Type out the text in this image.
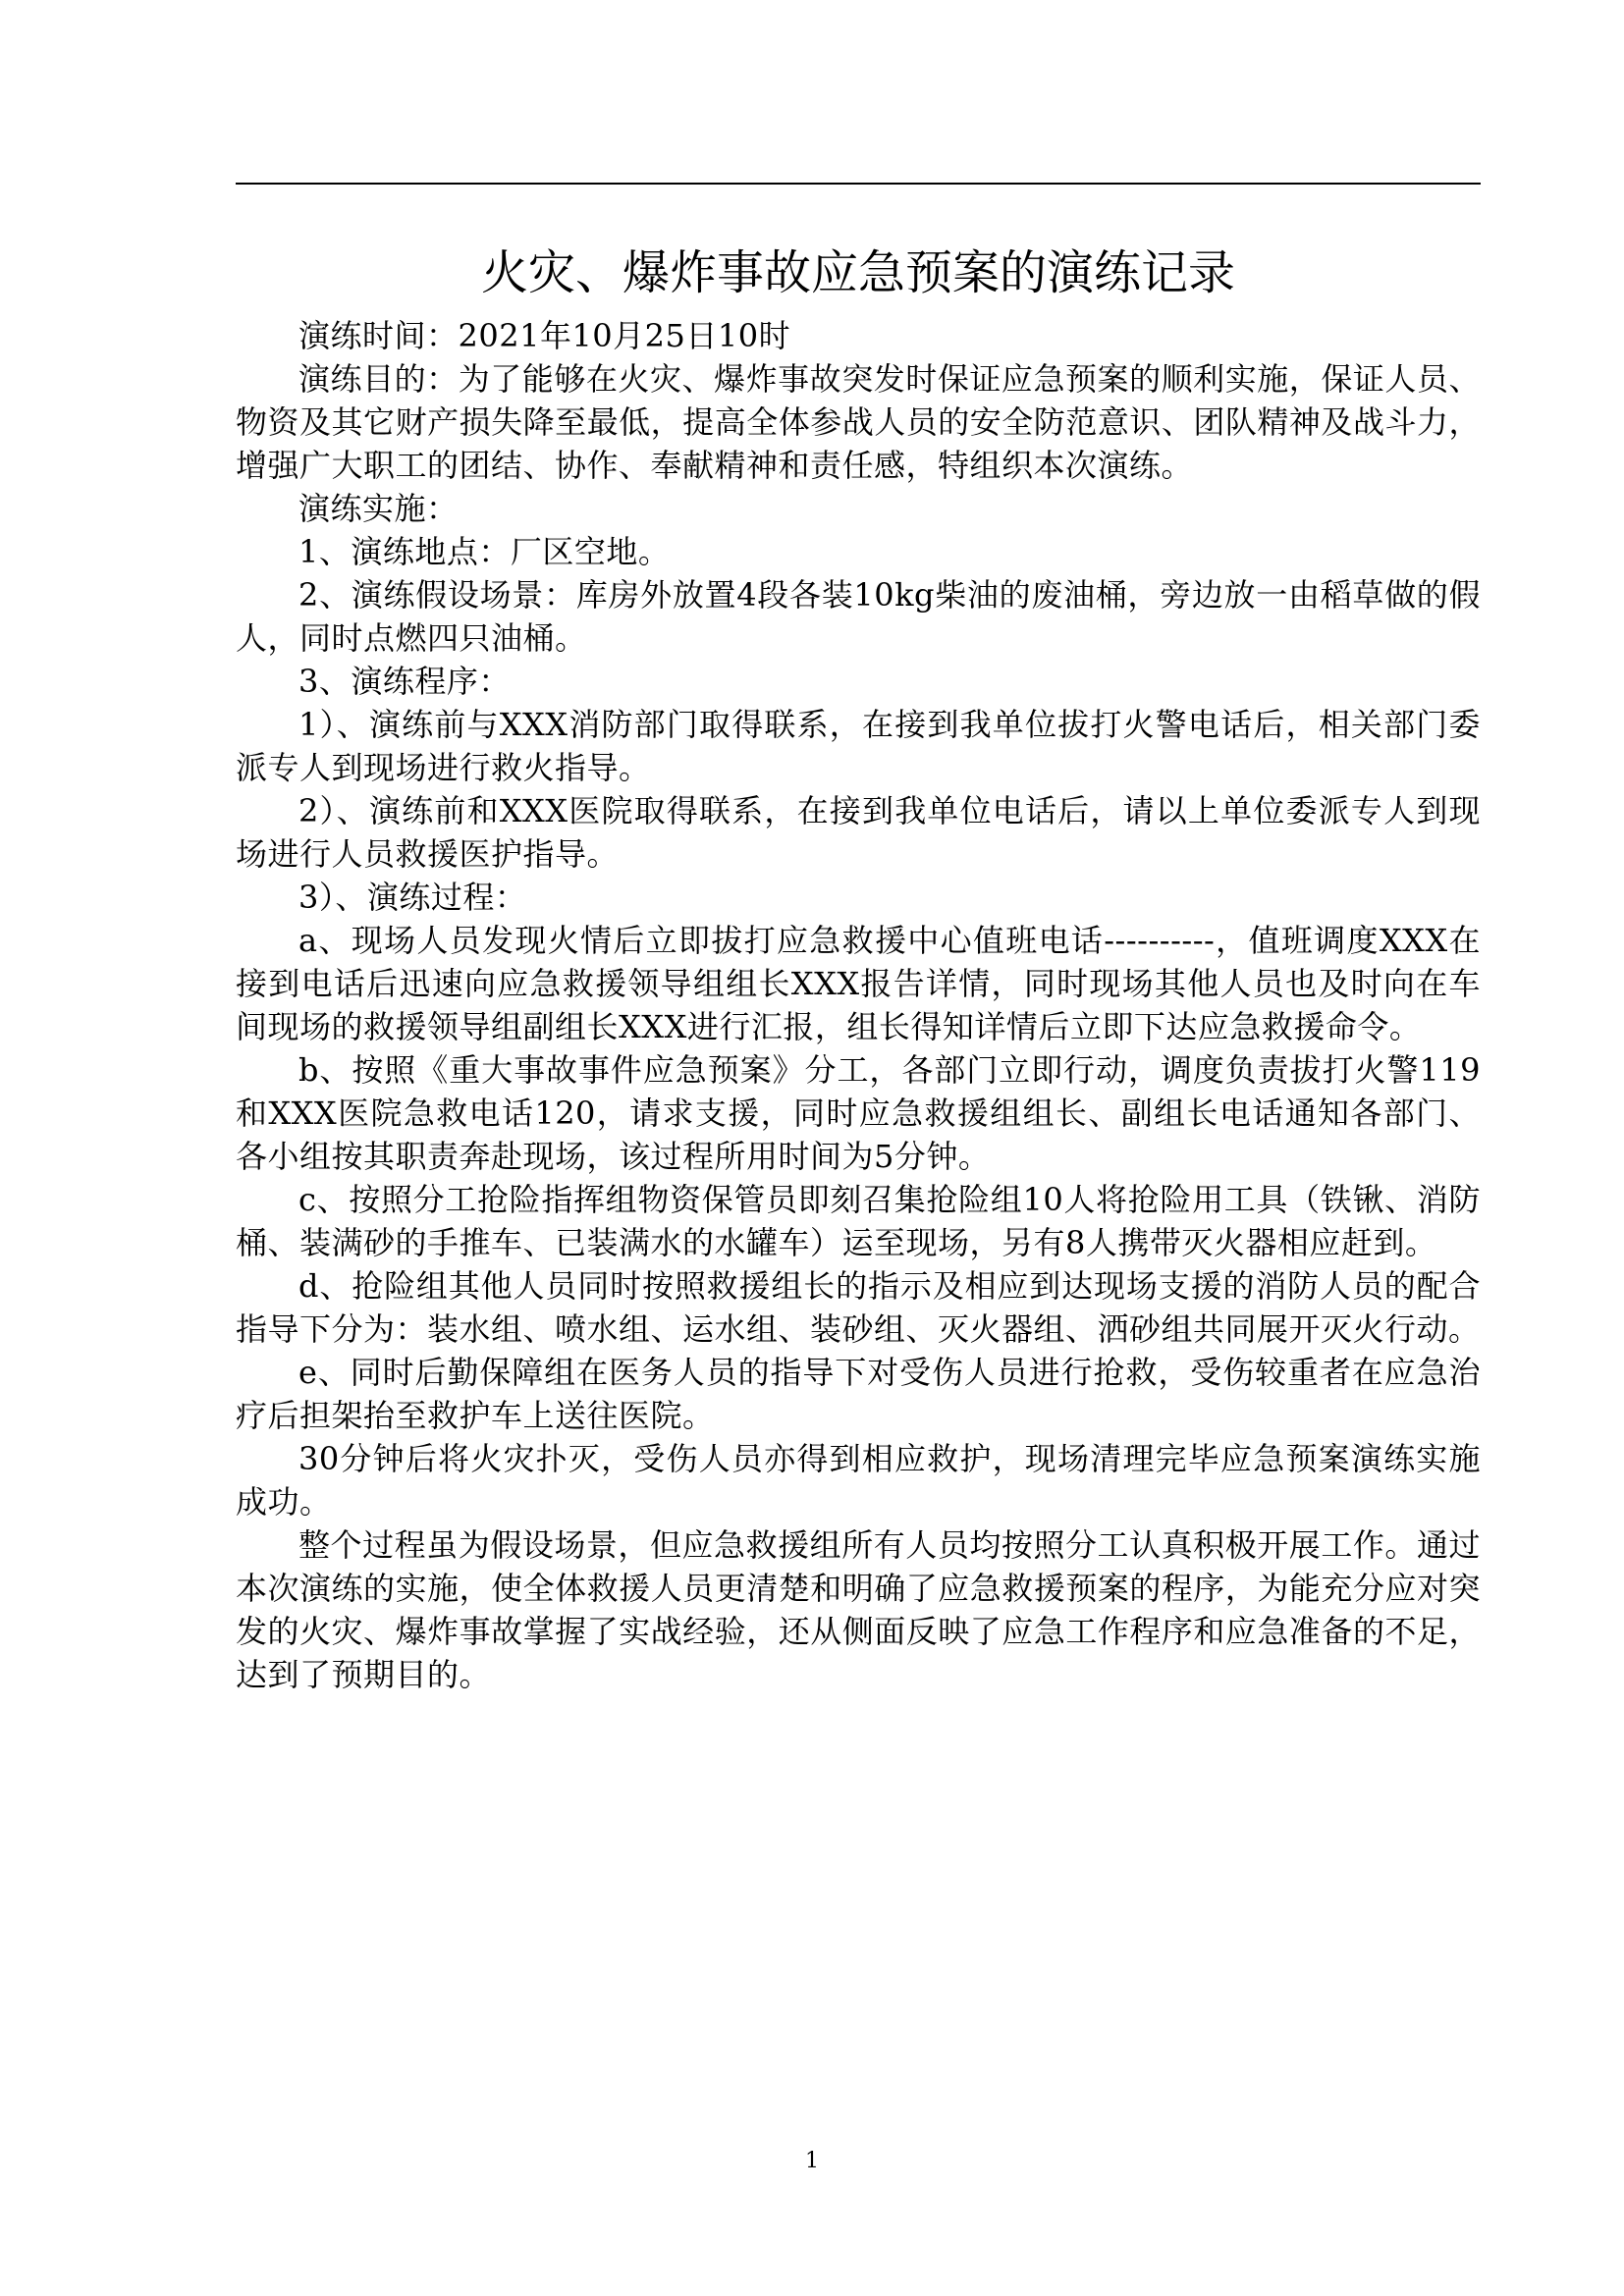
火灾、爆炸事故应急预案的演练记录

演练时间：2021年10月25日10时

演练目的：为了能够在火灾、爆炸事故突发时保证应急预案的顺利实施，保证人员、物资及其它财产损失降至最低，提高全体参战人员的安全防范意识、团队精神及战斗力，增强广大职工的团结、协作、奉献精神和责任感，特组织本次演练。

演练实施：

1、演练地点：厂区空地。

2、演练假设场景：库房外放置4段各装10kg柴油的废油桶，旁边放一由稻草做的假人，同时点燃四只油桶。

3、演练程序：

1）、演练前与XXX消防部门取得联系，在接到我单位拔打火警电话后，相关部门委派专人到现场进行救火指导。

2）、演练前和XXX医院取得联系，在接到我单位电话后，请以上单位委派专人到现场进行人员救援医护指导。

3）、演练过程：

a、现场人员发现火情后立即拔打应急救援中心值班电话----------，值班调度XXX在接到电话后迅速向应急救援领导组组长XXX报告详情，同时现场其他人员也及时向在车间现场的救援领导组副组长XXX进行汇报，组长得知详情后立即下达应急救援命令。

b、按照《重大事故事件应急预案》分工，各部门立即行动，调度负责拔打火警119和XXX医院急救电话120，请求支援，同时应急救援组组长、副组长电话通知各部门、各小组按其职责奔赴现场，该过程所用时间为5分钟。

c、按照分工抢险指挥组物资保管员即刻召集抢险组10人将抢险用工具（铁锹、消防桶、装满砂的手推车、已装满水的水罐车）运至现场，另有8人携带灭火器相应赶到。

d、抢险组其他人员同时按照救援组长的指示及相应到达现场支援的消防人员的配合指导下分为：装水组、喷水组、运水组、装砂组、灭火器组、洒砂组共同展开灭火行动。

e、同时后勤保障组在医务人员的指导下对受伤人员进行抢救，受伤较重者在应急治疗后担架抬至救护车上送往医院。

30分钟后将火灾扑灭，受伤人员亦得到相应救护，现场清理完毕应急预案演练实施成功。

整个过程虽为假设场景，但应急救援组所有人员均按照分工认真积极开展工作。通过本次演练的实施，使全体救援人员更清楚和明确了应急救援预案的程序，为能充分应对突发的火灾、爆炸事故掌握了实战经验，还从侧面反映了应急工作程序和应急准备的不足，达到了预期目的。

1
